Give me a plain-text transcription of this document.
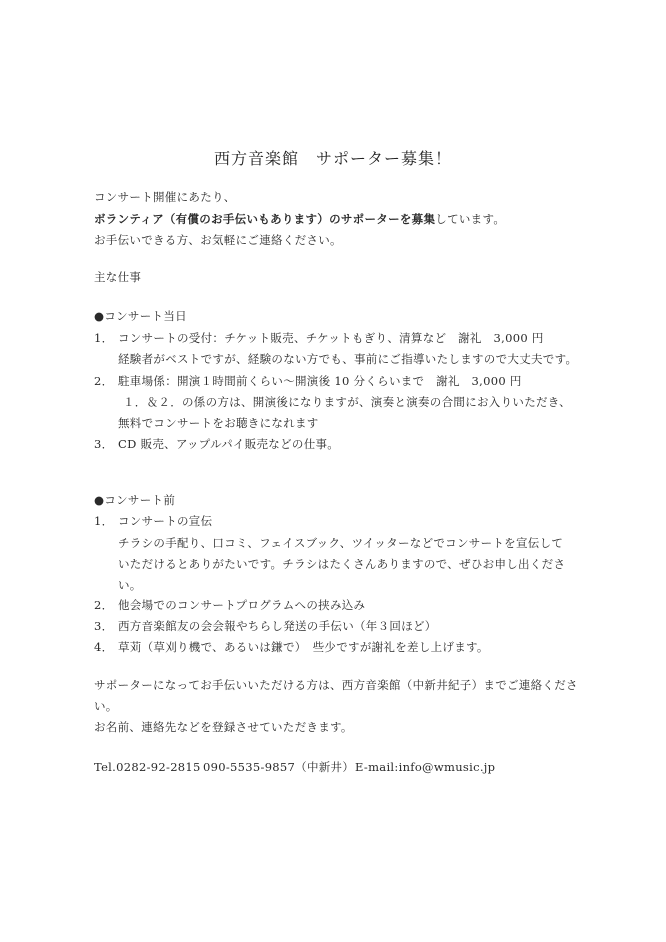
西方音楽館　サポーター募集！
コンサート開催にあたり、
ボランティア（有償のお手伝いもあります）のサポーターを募集しています。
お手伝いできる方、お気軽にご連絡ください。
主な仕事
●コンサート当日
1． コンサートの受付：チケット販売、チケットもぎり、清算など　謝礼　3,000 円
経験者がベストですが、経験のない方でも、事前にご指導いたしますので大丈夫です。
2． 駐車場係：開演１時間前くらい〜開演後 10 分くらいまで　謝礼　3,000 円
１．＆２．の係の方は、開演後になりますが、演奏と演奏の合間にお入りいただき、
無料でコンサートをお聴きになれます
3． CD 販売、アップルパイ販売などの仕事。
●コンサート前
1． コンサートの宣伝
チラシの手配り、口コミ、フェイスブック、ツイッターなどでコンサートを宣伝して
いただけるとありがたいです。チラシはたくさんありますので、ぜひお申し出くださ
い。
2． 他会場でのコンサートプログラムへの挟み込み
3． 西方音楽館友の会会報やちらし発送の手伝い（年３回ほど）
4． 草苅（草刈り機で、あるいは鎌で）　些少ですが謝礼を差し上げます。
サポーターになってお手伝いいただける方は、西方音楽館（中新井紀子）までご連絡くださ
い。
お名前、連絡先などを登録させていただきます。
Tel.0282-92-2815 090-5535-9857（中新井） E-mail:info@wmusic.jp
